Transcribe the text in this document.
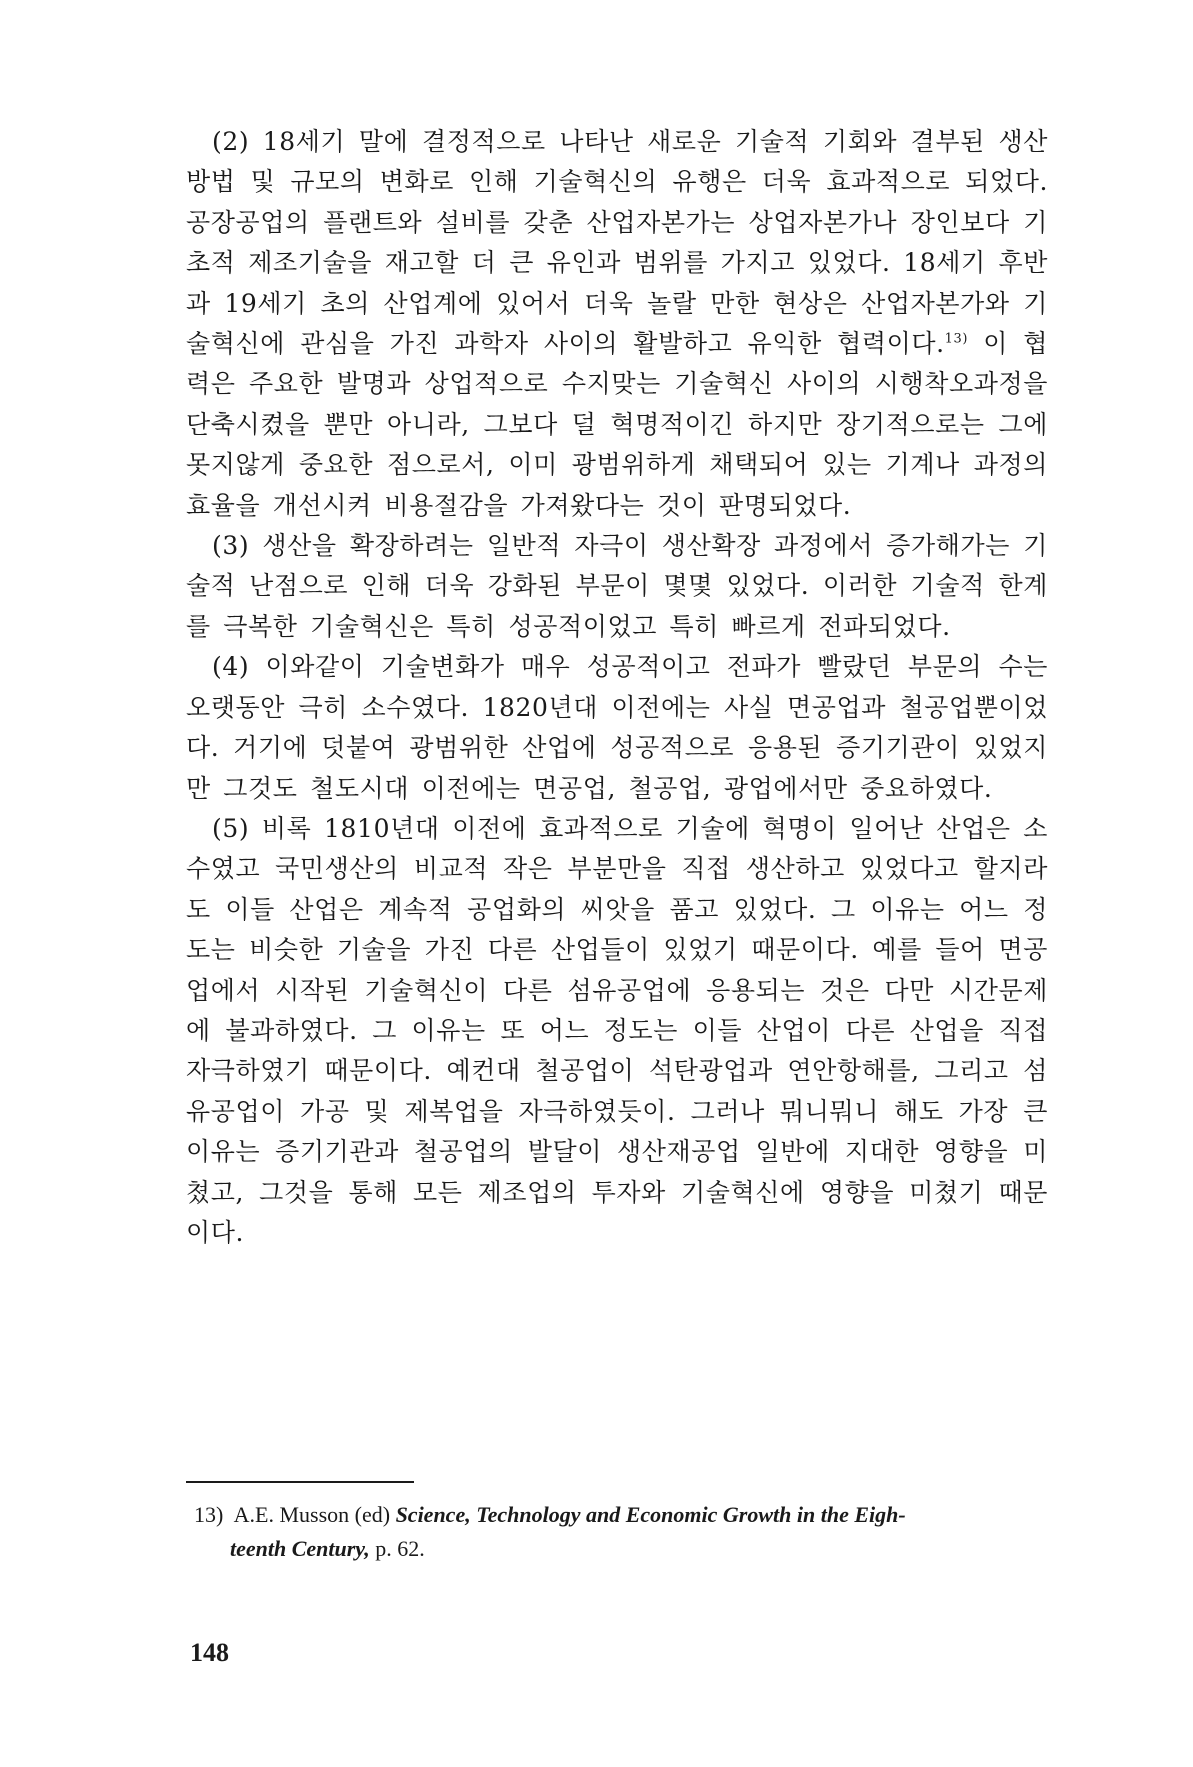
(2) 18세기 말에 결정적으로 나타난 새로운 기술적 기회와 결부된 생산방법 및 규모의 변화로 인해 기술혁신의 유행은 더욱 효과적으로 되었다. 공장공업의 플랜트와 설비를 갖춘 산업자본가는 상업자본가나 장인보다 기초적 제조기술을 재고할 더 큰 유인과 범위를 가지고 있었다. 18세기 후반과 19세기 초의 산업계에 있어서 더욱 놀랄 만한 현상은 산업자본가와 기술혁신에 관심을 가진 과학자 사이의 활발하고 유익한 협력이다.$^{13)}$ 이 협력은 주요한 발명과 상업적으로 수지맞는 기술혁신 사이의 시행착오과정을 단축시켰을 뿐만 아니라, 그보다 덜 혁명적이긴 하지만 장기적으로는 그에 못지않게 중요한 점으로서, 이미 광범위하게 채택되어 있는 기계나 과정의 효율을 개선시켜 비용절감을 가져왔다는 것이 판명되었다.

(3) 생산을 확장하려는 일반적 자극이 생산확장 과정에서 증가해가는 기술적 난점으로 인해 더욱 강화된 부문이 몇몇 있었다. 이러한 기술적 한계를 극복한 기술혁신은 특히 성공적이었고 특히 빠르게 전파되었다.

(4) 이와같이 기술변화가 매우 성공적이고 전파가 빨랐던 부문의 수는 오랫동안 극히 소수였다. 1820년대 이전에는 사실 면공업과 철공업뿐이었다. 거기에 덧붙여 광범위한 산업에 성공적으로 응용된 증기기관이 있었지만 그것도 철도시대 이전에는 면공업, 철공업, 광업에서만 중요하였다.

(5) 비록 1810년대 이전에 효과적으로 기술에 혁명이 일어난 산업은 소수였고 국민생산의 비교적 작은 부분만을 직접 생산하고 있었다고 할지라도 이들 산업은 계속적 공업화의 씨앗을 품고 있었다. 그 이유는 어느 정도는 비슷한 기술을 가진 다른 산업들이 있었기 때문이다. 예를 들어 면공업에서 시작된 기술혁신이 다른 섬유공업에 응용되는 것은 다만 시간문제에 불과하였다. 그 이유는 또 어느 정도는 이들 산업이 다른 산업을 직접 자극하였기 때문이다. 예컨대 철공업이 석탄광업과 연안항해를, 그리고 섬유공업이 가공 및 제복업을 자극하였듯이. 그러나 뭐니뭐니 해도 가장 큰 이유는 증기기관과 철공업의 발달이 생산재공업 일반에 지대한 영향을 미쳤고, 그것을 통해 모든 제조업의 투자와 기술혁신에 영향을 미쳤기 때문이다.

13) A.E. Musson (ed) Science, Technology and Economic Growth in the Eigh-
teenth Century, p. 62.
148
